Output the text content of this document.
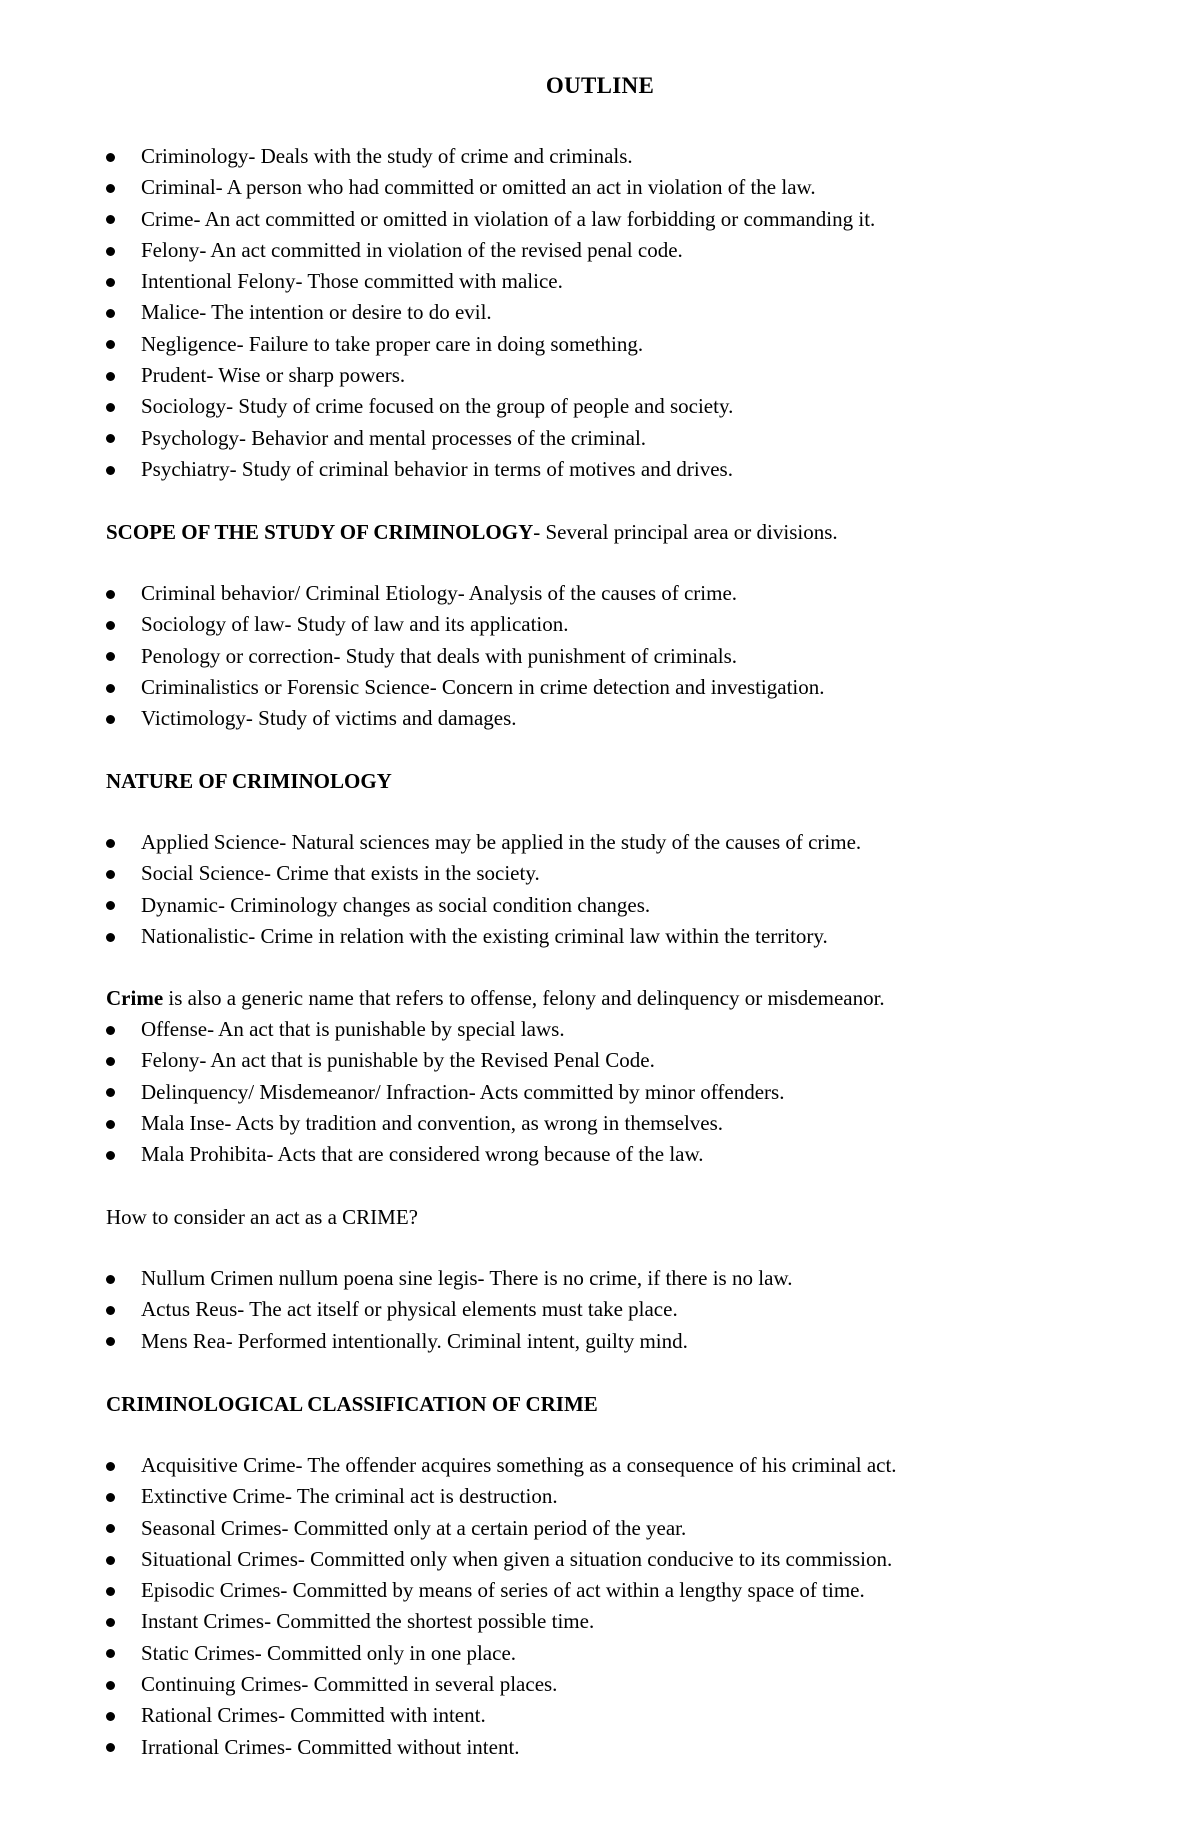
OUTLINE
Criminology- Deals with the study of crime and criminals.
Criminal- A person who had committed or omitted an act in violation of the law.
Crime- An act committed or omitted in violation of a law forbidding or commanding it.
Felony- An act committed in violation of the revised penal code.
Intentional Felony- Those committed with malice.
Malice- The intention or desire to do evil.
Negligence- Failure to take proper care in doing something.
Prudent- Wise or sharp powers.
Sociology- Study of crime focused on the group of people and society.
Psychology- Behavior and mental processes of the criminal.
Psychiatry- Study of criminal behavior in terms of motives and drives.
SCOPE OF THE STUDY OF CRIMINOLOGY- Several principal area or divisions.
Criminal behavior/ Criminal Etiology- Analysis of the causes of crime.
Sociology of law- Study of law and its application.
Penology or correction- Study that deals with punishment of criminals.
Criminalistics or Forensic Science- Concern in crime detection and investigation.
Victimology- Study of victims and damages.
NATURE OF CRIMINOLOGY
Applied Science- Natural sciences may be applied in the study of the causes of crime.
Social Science- Crime that exists in the society.
Dynamic- Criminology changes as social condition changes.
Nationalistic- Crime in relation with the existing criminal law within the territory.
Crime is also a generic name that refers to offense, felony and delinquency or misdemeanor.
Offense- An act that is punishable by special laws.
Felony- An act that is punishable by the Revised Penal Code.
Delinquency/ Misdemeanor/ Infraction- Acts committed by minor offenders.
Mala Inse- Acts by tradition and convention, as wrong in themselves.
Mala Prohibita- Acts that are considered wrong because of the law.
How to consider an act as a CRIME?
Nullum Crimen nullum poena sine legis- There is no crime, if there is no law.
Actus Reus- The act itself or physical elements must take place.
Mens Rea- Performed intentionally. Criminal intent, guilty mind.
CRIMINOLOGICAL CLASSIFICATION OF CRIME
Acquisitive Crime- The offender acquires something as a consequence of his criminal act.
Extinctive Crime- The criminal act is destruction.
Seasonal Crimes- Committed only at a certain period of the year.
Situational Crimes- Committed only when given a situation conducive to its commission.
Episodic Crimes- Committed by means of series of act within a lengthy space of time.
Instant Crimes- Committed the shortest possible time.
Static Crimes- Committed only in one place.
Continuing Crimes- Committed in several places.
Rational Crimes- Committed with intent.
Irrational Crimes- Committed without intent.
